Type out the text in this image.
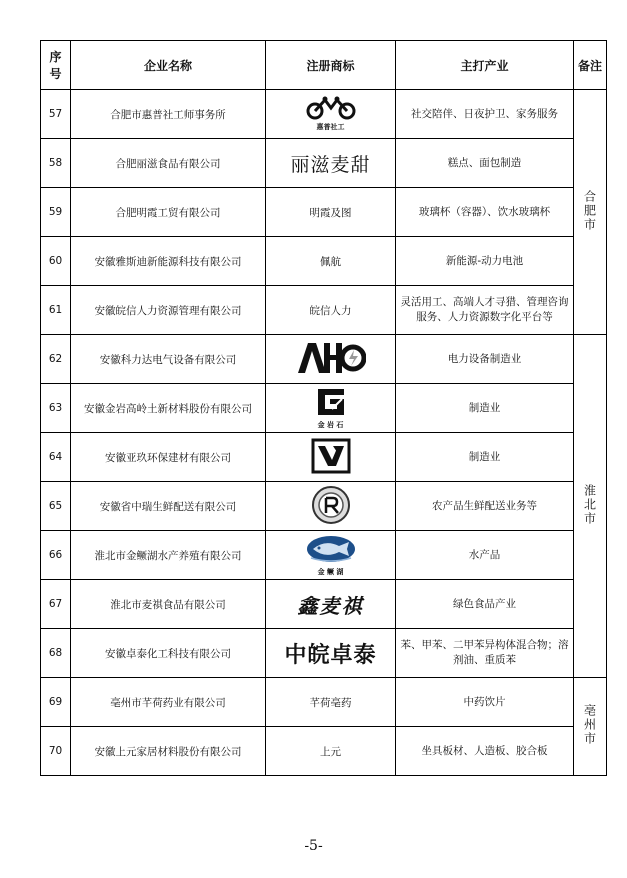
序号	企业名称	注册商标	主打产业	备注
57	合肥市惠普社工师事务所	惠普社工	社交陪伴、日夜护卫、家务服务	合肥市
58	合肥丽滋食品有限公司	丽滋麦甜	糕点、面包制造	
59	合肥明霞工贸有限公司	明霞及图	玻璃杯（容器）、饮水玻璃杯	
60	安徽雅斯迪新能源科技有限公司	佩航	新能源-动力电池	
61	安徽皖信人力资源管理有限公司	皖信人力	灵活用工、高端人才寻猎、管理咨询服务、人力资源数字化平台等	
62	安徽科力达电气设备有限公司		电力设备制造业	淮北市
63	安徽金岩高岭土新材料股份有限公司	金 岩 石	制造业	
64	安徽亚玖环保建材有限公司		制造业	
65	安徽省中瑞生鲜配送有限公司		农产品生鲜配送业务等	
66	淮北市金鳜湖水产养殖有限公司	金 鳜 湖	水产品	
67	淮北市麦祺食品有限公司	鑫麦祺	绿色食品产业	
68	安徽卓泰化工科技有限公司	中皖卓泰	苯、甲苯、二甲苯异构体混合物；溶剂油、重质苯	
69	亳州市芊荷药业有限公司	芊荷亳药	中药饮片	亳州市
70	安徽上元家居材料股份有限公司	上元	坐具板材、人造板、胶合板	
-5-
